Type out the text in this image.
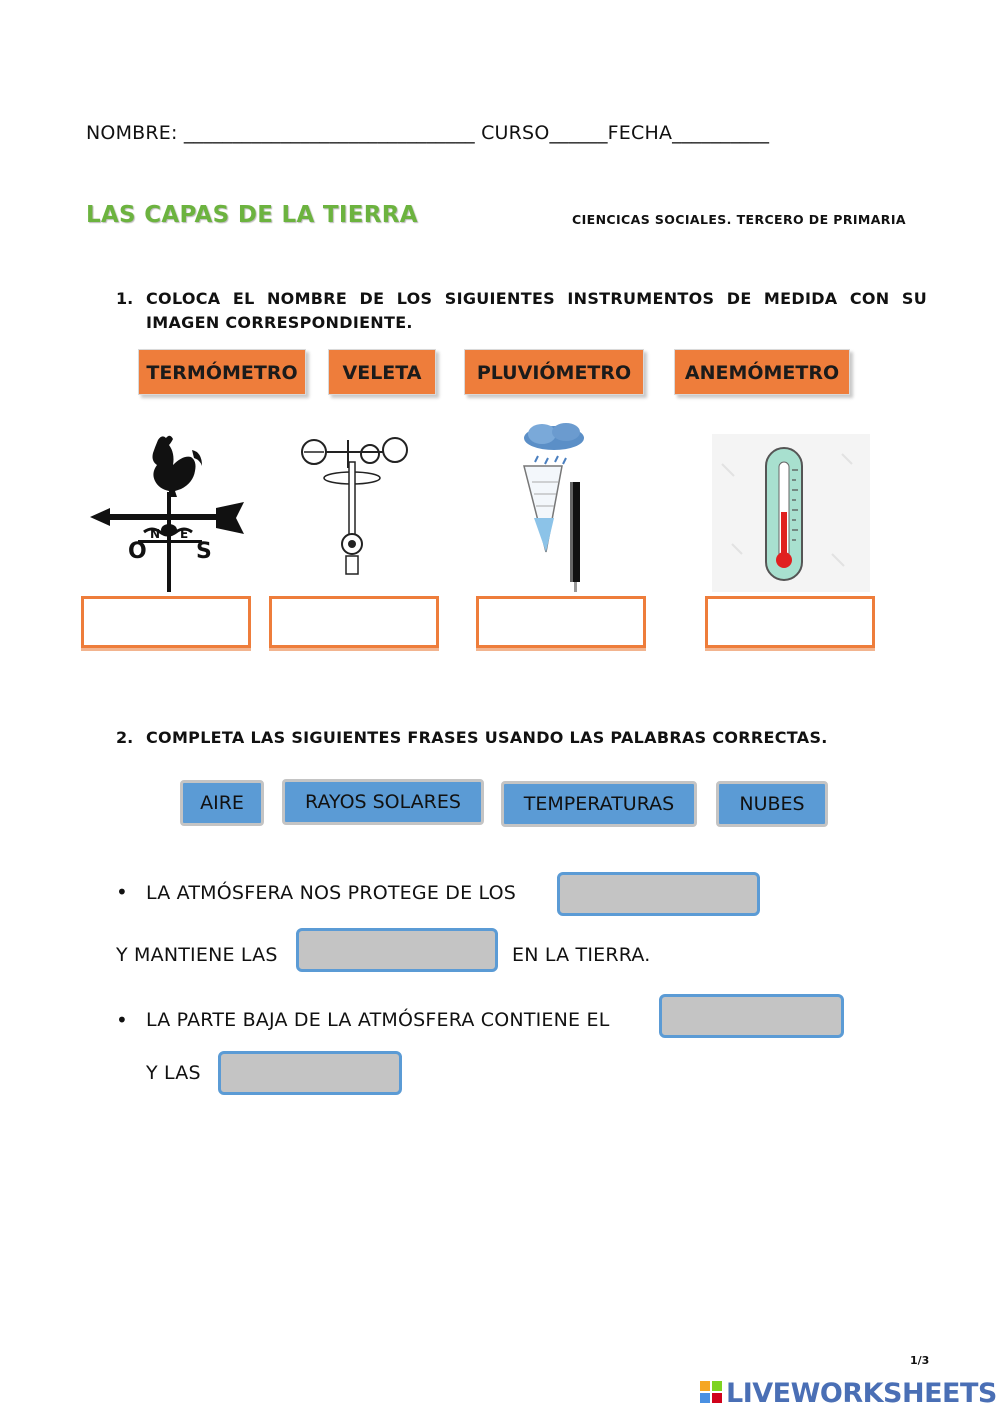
NOMBRE: ______________________________ CURSO______FECHA__________
LAS CAPAS DE LA TIERRA	CIENCICAS SOCIALES. TERCERO DE PRIMARIA
1. COLOCA EL NOMBRE DE LOS SIGUIENTES INSTRUMENTOS DE MEDIDA CON SU IMAGEN CORRESPONDIENTE.
TERMÓMETRO	VELETA	PLUVIÓMETRO	ANEMÓMETRO
O S
N E
2. COMPLETA LAS SIGUIENTES FRASES USANDO LAS PALABRAS CORRECTAS.
AIRE	RAYOS SOLARES	TEMPERATURAS	NUBES
• LA ATMÓSFERA NOS PROTEGE DE LOS
Y MANTIENE LAS	EN LA TIERRA.
• LA PARTE BAJA DE LA ATMÓSFERA CONTIENE EL
Y LAS
1/3
LIVEWORKSHEETS
